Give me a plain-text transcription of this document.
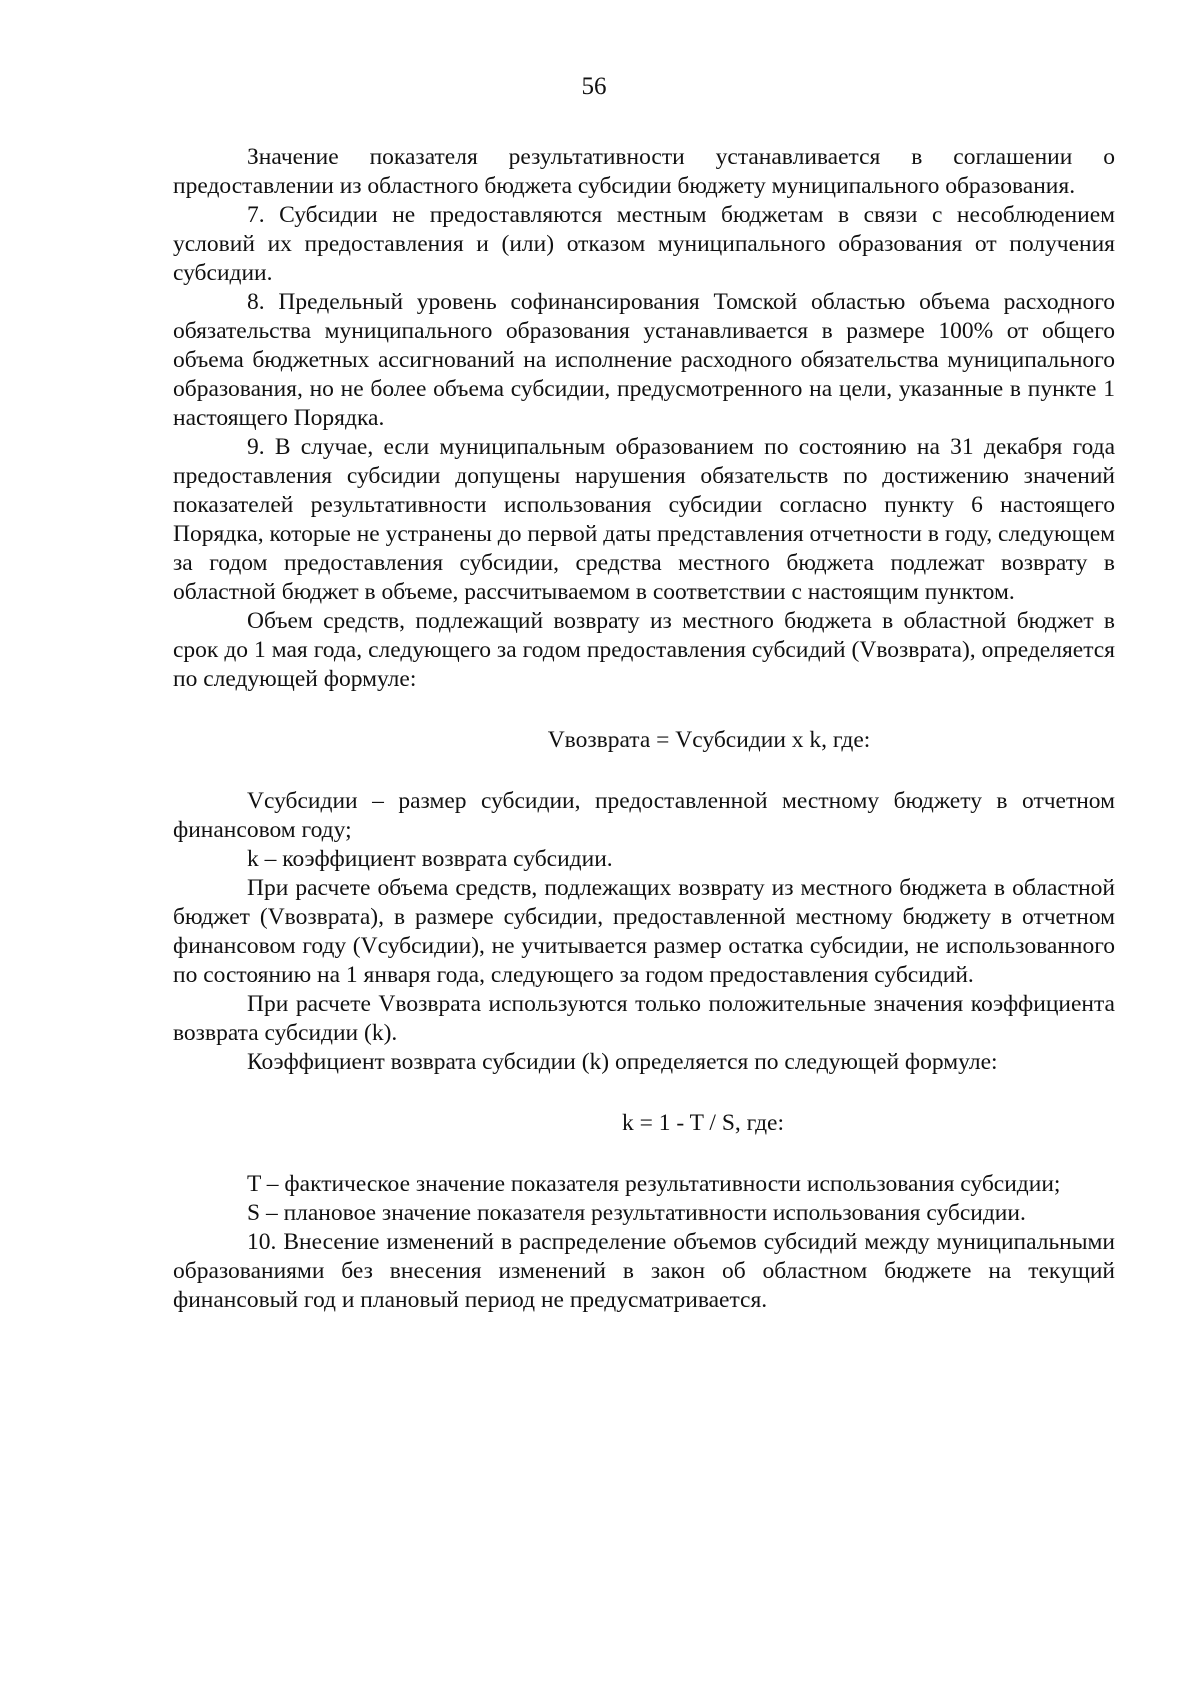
56

Значение показателя результативности устанавливается в соглашении о предоставлении из областного бюджета субсидии бюджету муниципального образования.

7. Субсидии не предоставляются местным бюджетам в связи с несоблюдением условий их предоставления и (или) отказом муниципального образования от получения субсидии.

8. Предельный уровень софинансирования Томской областью объема расходного обязательства муниципального образования устанавливается в размере 100% от общего объема бюджетных ассигнований на исполнение расходного обязательства муниципального образования, но не более объема субсидии, предусмотренного на цели, указанные в пункте 1 настоящего Порядка.

9. В случае, если муниципальным образованием по состоянию на 31 декабря года предоставления субсидии допущены нарушения обязательств по достижению значений показателей результативности использования субсидии согласно пункту 6 настоящего Порядка, которые не устранены до первой даты представления отчетности в году, следующем за годом предоставления субсидии, средства местного бюджета подлежат возврату в областной бюджет в объеме, рассчитываемом в соответствии с настоящим пунктом.

Объем средств, подлежащий возврату из местного бюджета в областной бюджет в срок до 1 мая года, следующего за годом предоставления субсидий (Vвозврата), определяется по следующей формуле:

Vвозврата = Vсубсидии x k, где:

Vсубсидии – размер субсидии, предоставленной местному бюджету в отчетном финансовом году;

k – коэффициент возврата субсидии.

При расчете объема средств, подлежащих возврату из местного бюджета в областной бюджет (Vвозврата), в размере субсидии, предоставленной местному бюджету в отчетном финансовом году (Vсубсидии), не учитывается размер остатка субсидии, не использованного по состоянию на 1 января года, следующего за годом предоставления субсидий.

При расчете Vвозврата используются только положительные значения коэффициента возврата субсидии (k).

Коэффициент возврата субсидии (k) определяется по следующей формуле:

k = 1 - T / S, где:

T – фактическое значение показателя результативности использования субсидии;

S – плановое значение показателя результативности использования субсидии.

10. Внесение изменений в распределение объемов субсидий между муниципальными образованиями без внесения изменений в закон об областном бюджете на текущий финансовый год и плановый период не предусматривается.
